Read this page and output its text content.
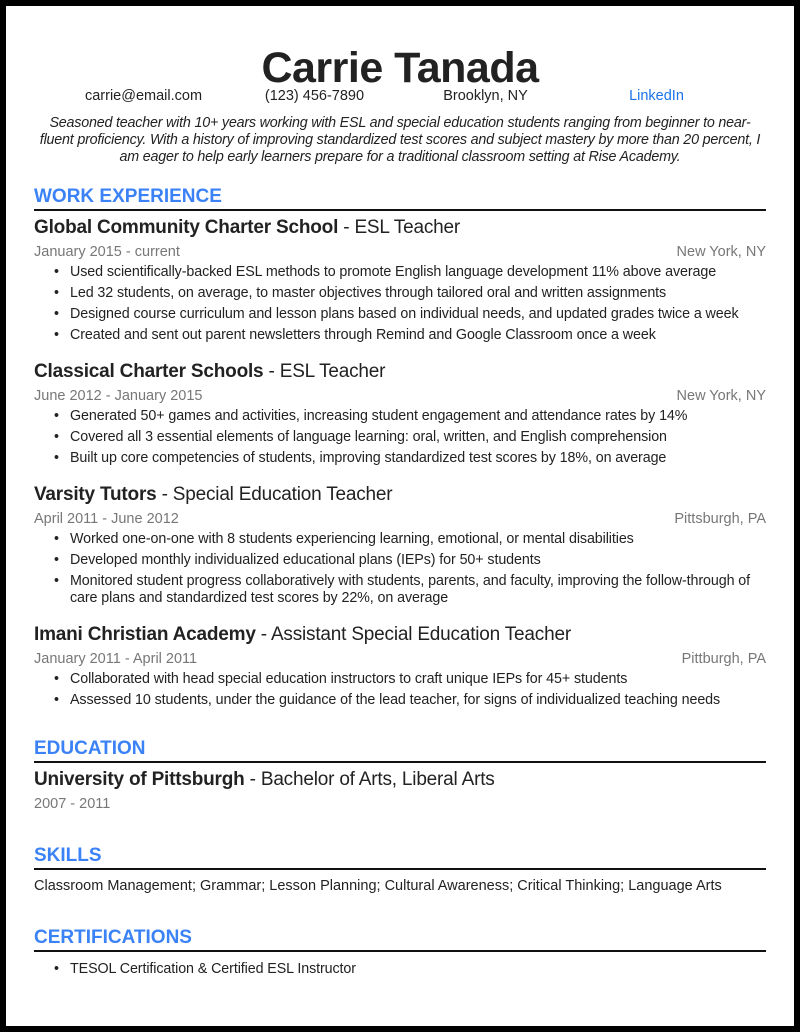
Carrie Tanada
carrie@email.com	(123) 456-7890	Brooklyn, NY	LinkedIn
Seasoned teacher with 10+ years working with ESL and special education students ranging from beginner to near-fluent proficiency. With a history of improving standardized test scores and subject mastery by more than 20 percent, I am eager to help early learners prepare for a traditional classroom setting at Rise Academy.
WORK EXPERIENCE
Global Community Charter School - ESL Teacher
January 2015 - current	New York, NY
• Used scientifically-backed ESL methods to promote English language development 11% above average
• Led 32 students, on average, to master objectives through tailored oral and written assignments
• Designed course curriculum and lesson plans based on individual needs, and updated grades twice a week
• Created and sent out parent newsletters through Remind and Google Classroom once a week
Classical Charter Schools - ESL Teacher
June 2012 - January 2015	New York, NY
• Generated 50+ games and activities, increasing student engagement and attendance rates by 14%
• Covered all 3 essential elements of language learning: oral, written, and English comprehension
• Built up core competencies of students, improving standardized test scores by 18%, on average
Varsity Tutors - Special Education Teacher
April 2011 - June 2012	Pittsburgh, PA
• Worked one-on-one with 8 students experiencing learning, emotional, or mental disabilities
• Developed monthly individualized educational plans (IEPs) for 50+ students
• Monitored student progress collaboratively with students, parents, and faculty, improving the follow-through of care plans and standardized test scores by 22%, on average
Imani Christian Academy - Assistant Special Education Teacher
January 2011 - April 2011	Pittburgh, PA
• Collaborated with head special education instructors to craft unique IEPs for 45+ students
• Assessed 10 students, under the guidance of the lead teacher, for signs of individualized teaching needs
EDUCATION
University of Pittsburgh - Bachelor of Arts, Liberal Arts
2007 - 2011
SKILLS
Classroom Management; Grammar; Lesson Planning; Cultural Awareness; Critical Thinking; Language Arts
CERTIFICATIONS
• TESOL Certification & Certified ESL Instructor
